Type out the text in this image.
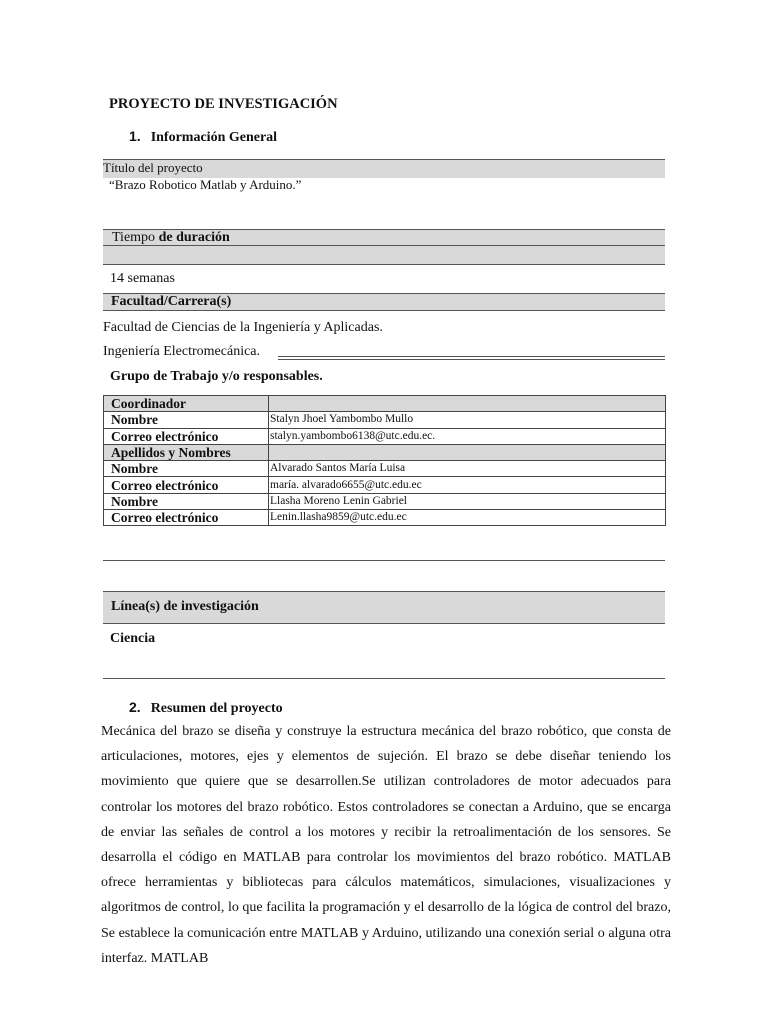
PROYECTO DE INVESTIGACIÓN
1. Información General
Título del proyecto
“Brazo Robotico Matlab y Arduino.”
Tiempo de duración
14 semanas
Facultad/Carrera(s)
Facultad de Ciencias de la Ingeniería y Aplicadas.
Ingeniería Electromecánica.
Grupo de Trabajo y/o responsables.
Coordinador	
Nombre	Stalyn Jhoel Yambombo Mullo
Correo electrónico	stalyn.yambombo6138@utc.edu.ec.
Apellidos y Nombres	
Nombre	Alvarado Santos María Luisa
Correo electrónico	maría. alvarado6655@utc.edu.ec
Nombre	Llasha Moreno Lenin Gabriel
Correo electrónico	Lenin.llasha9859@utc.edu.ec
Línea(s) de investigación
Ciencia
2. Resumen del proyecto
Mecánica del brazo se diseña y construye la estructura mecánica del brazo robótico, que consta de articulaciones, motores, ejes y elementos de sujeción. El brazo se debe diseñar teniendo los movimiento que quiere que se desarrollen.Se utilizan controladores de motor adecuados para controlar los motores del brazo robótico. Estos controladores se conectan a Arduino, que se encarga de enviar las señales de control a los motores y recibir la retroalimentación de los sensores. Se desarrolla el código en MATLAB para controlar los movimientos del brazo robótico. MATLAB ofrece herramientas y bibliotecas para cálculos matemáticos, simulaciones, visualizaciones y algoritmos de control, lo que facilita la programación y el desarrollo de la lógica de control del brazo, Se establece la comunicación entre MATLAB y Arduino, utilizando una conexión serial o alguna otra interfaz. MATLAB
